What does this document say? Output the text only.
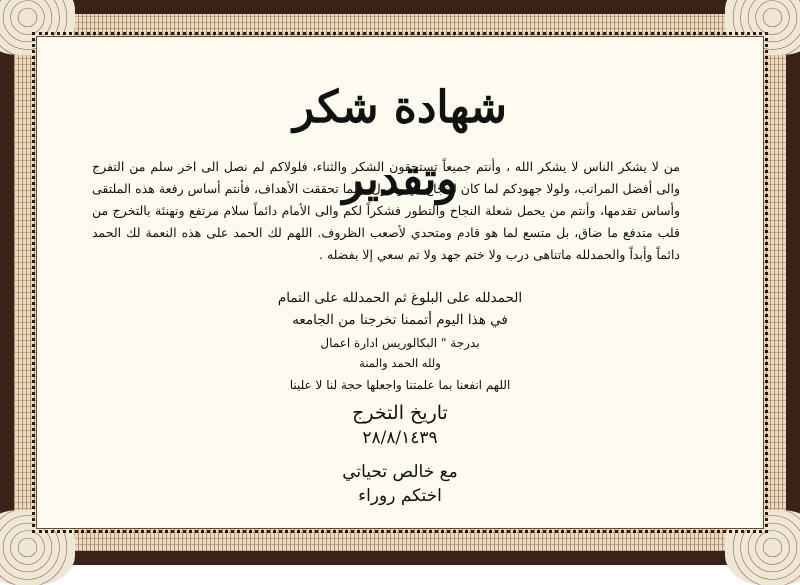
شهادة شكر وتقدير
من لا يشكر الناس لا يشكر الله ، وأنتم جميعاً تستحقون الشكر والثناء، فلولاكم لم نصل الى اخر سلم من التفرج والى أفضل المراتب، ولولا جهودكم لما كان للنجاح أي وصول، ولما تحققت الأهداف، فأنتم أساس رفعة هذه الملتقى وأساس تقدمها، وأنتم من يحمل شعلة النجاح والتطور فشكراً لكم والى الأمام دائماً سلام مرتفع وتهنئة بالتخرج من قلب متدفع ما ضاق، بل متسع لما هو قادم ومتحدي لأصعب الظروف. اللهم لك الحمد على هذه النعمة لك الحمد دائماً وأبداً والحمدلله ماتناهى درب ولا ختم جهد ولا تم سعي إلا بفضله .
الحمدلله على البلوغ ثم الحمدلله على التمام
في هذا اليوم أتممنا تخرجنا من الجامعه
بدرجة " البكالوريس ادارة اعمال
ولله الحمد والمنة
اللهم انفعنا بما علمتنا واجعلها حجة لنا لا علينا
تاريخ التخرج
٢٨/٨/١٤٣٩
مع خالص تحياتي
اختكم روراء
